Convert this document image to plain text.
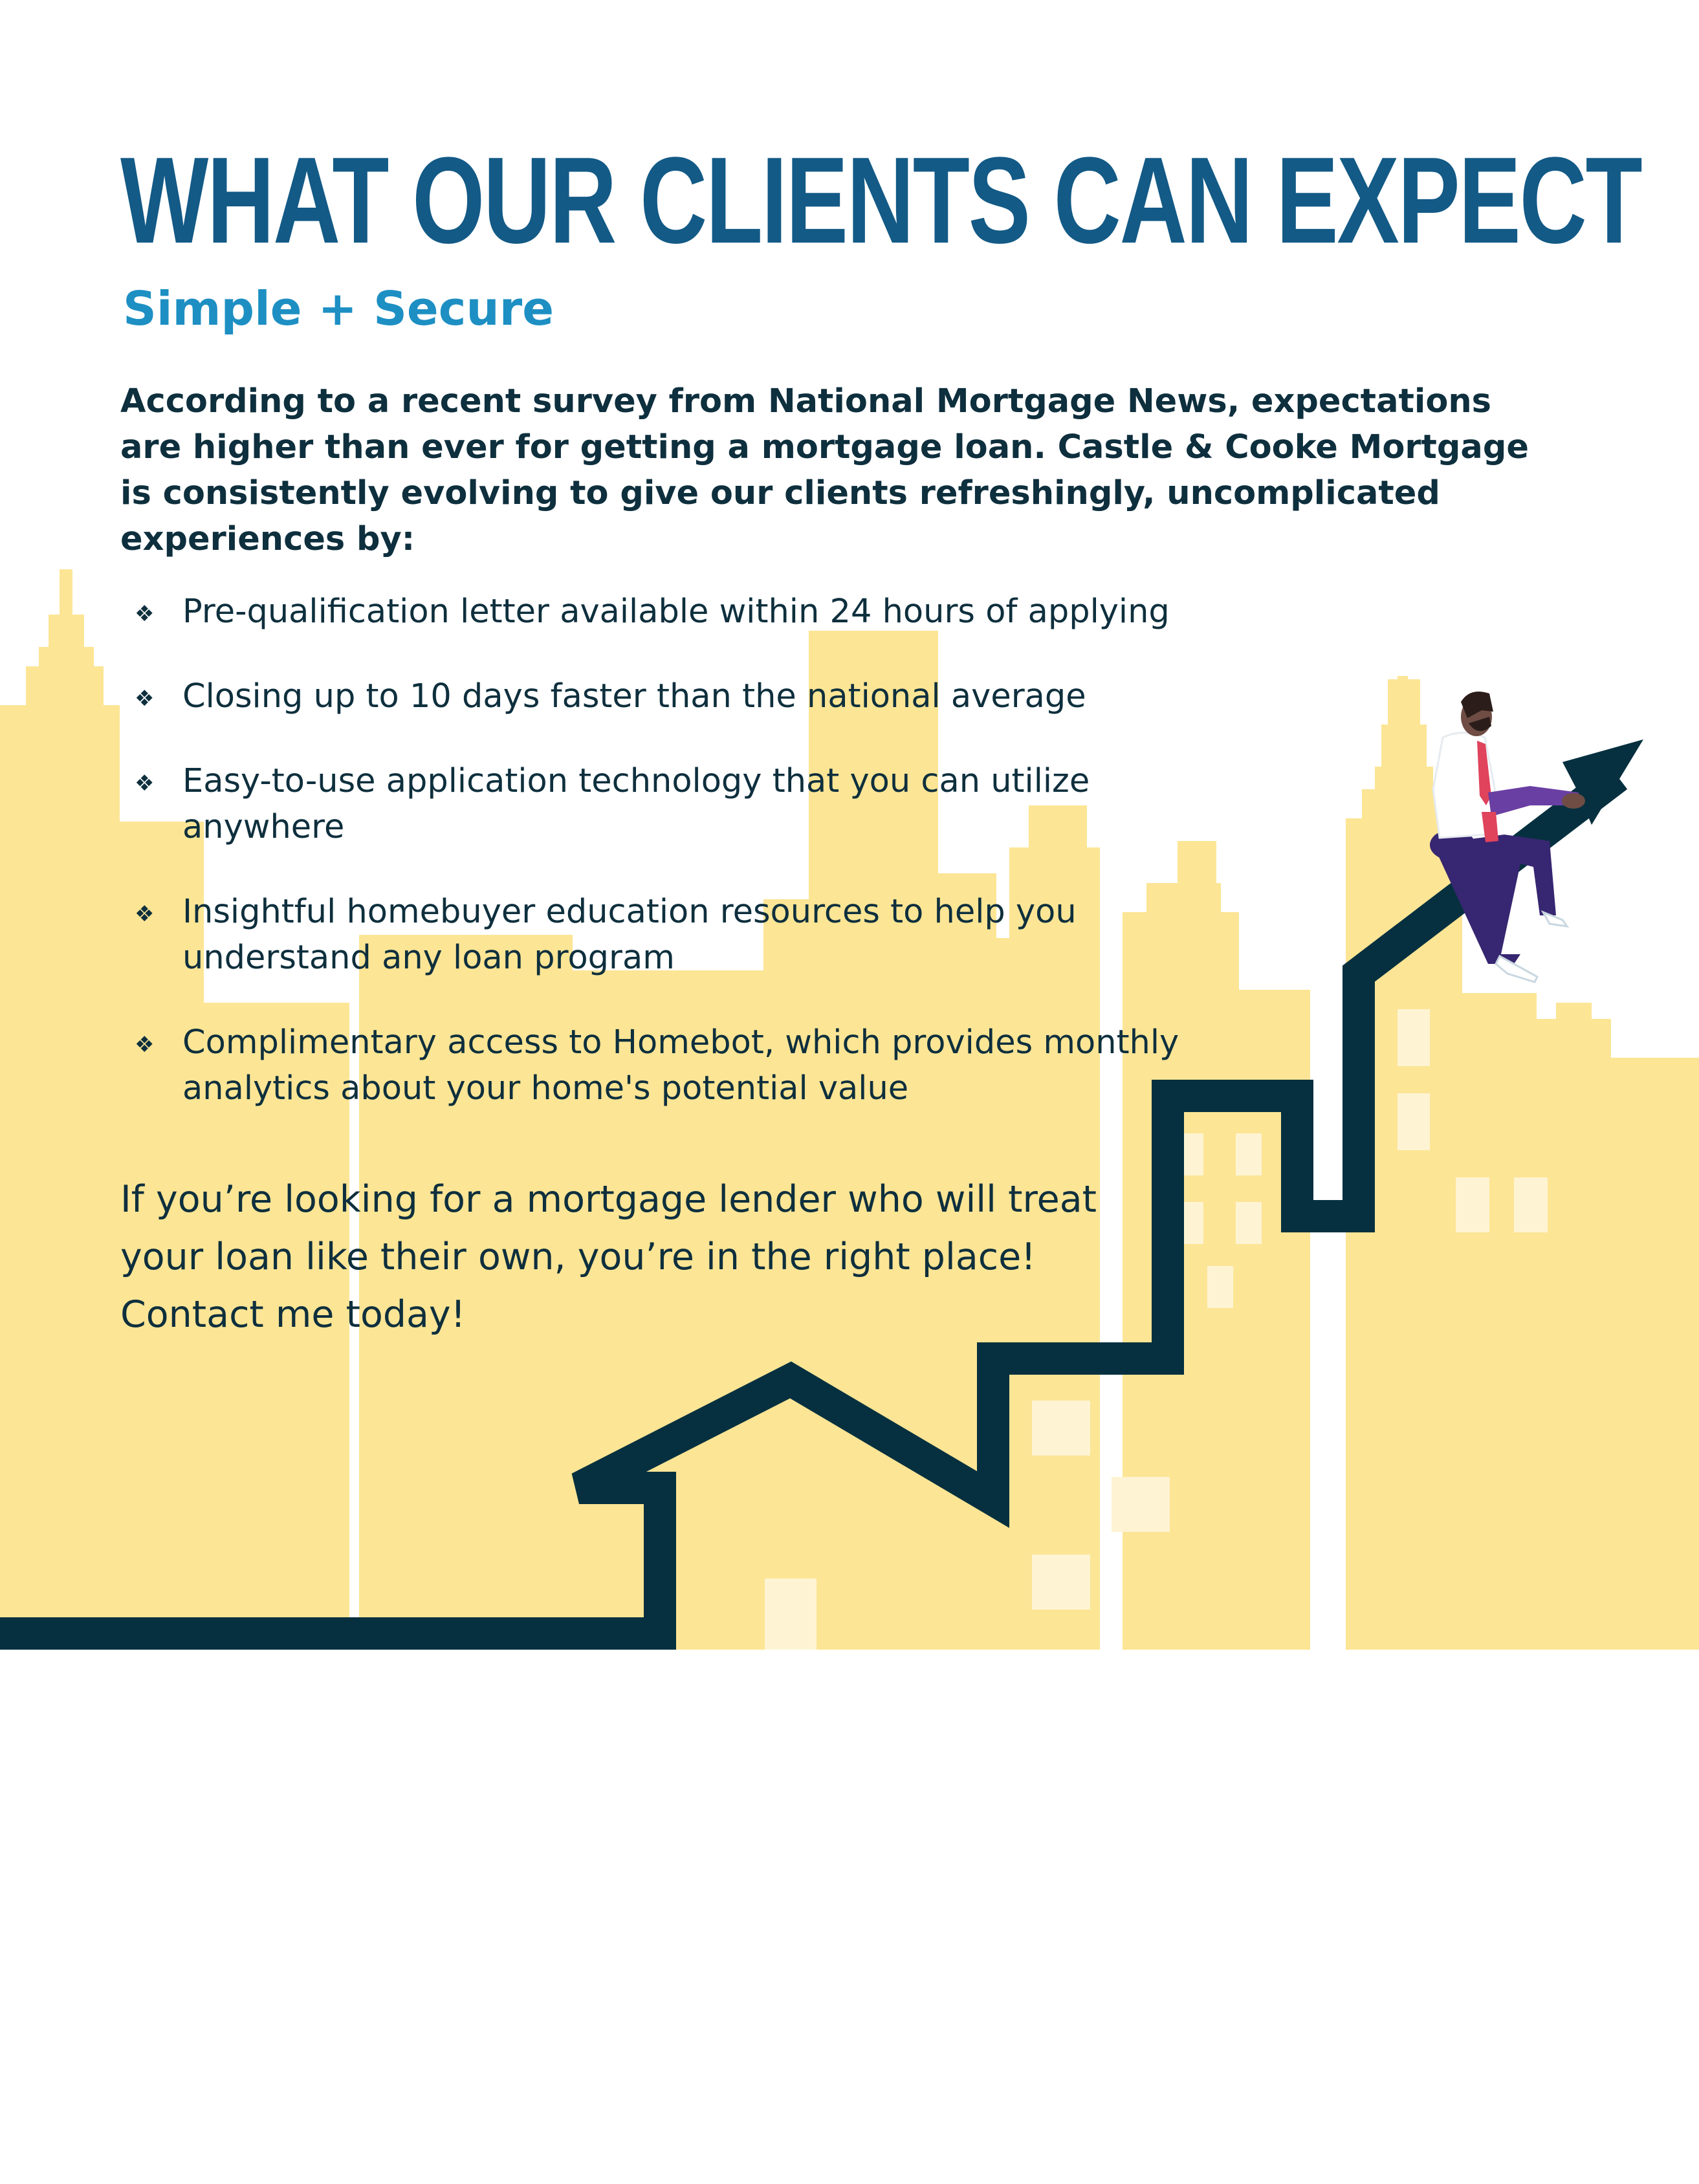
WHAT OUR CLIENTS CAN EXPECT
Simple + Secure

According to a recent survey from National Mortgage News, expectations are higher than ever for getting a mortgage loan. Castle & Cooke Mortgage is consistently evolving to give our clients refreshingly, uncomplicated experiences by:

❖ Pre-qualification letter available within 24 hours of applying
❖ Closing up to 10 days faster than the national average
❖ Easy-to-use application technology that you can utilize anywhere
❖ Insightful homebuyer education resources to help you understand any loan program
❖ Complimentary access to Homebot, which provides monthly analytics about your home's potential value

If you’re looking for a mortgage lender who will treat your loan like their own, you’re in the right place! Contact me today!
